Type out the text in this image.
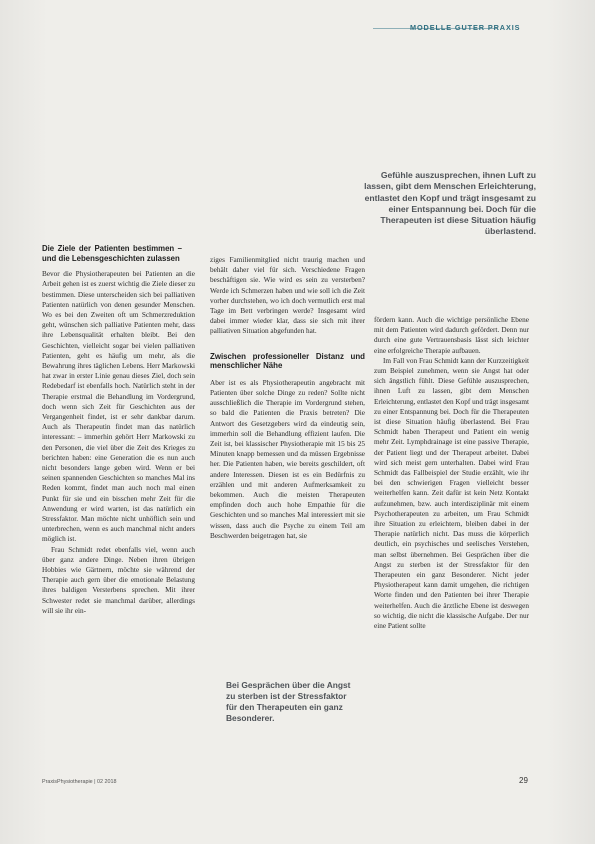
MODELLE GUTER PRAXIS
Gefühle auszusprechen, ihnen Luft zu lassen, gibt dem Menschen Erleichterung, entlastet den Kopf und trägt insgesamt zu einer Entspannung bei. Doch für die Therapeuten ist diese Situation häufig überlastend.

Die Ziele der Patienten bestimmen – und die Lebensgeschichten zulassen

Bevor die Physiotherapeuten bei Patienten an die Arbeit gehen ist es zuerst wichtig die Ziele dieser zu bestimmen. Diese unterscheiden sich bei palliativen Patienten natürlich von denen gesunder Menschen. Wo es bei den Zweiten oft um Schmerzreduktion geht, wünschen sich palliative Patienten mehr, dass ihre Lebensqualität erhalten bleibt. Bei den Geschichten, vielleicht sogar bei vielen palliativen Patienten, geht es häufig um mehr, als die Bewahrung ihres täglichen Lebens. Herr Markowski hat zwar in erster Linie genau dieses Ziel, doch sein Redebedarf ist ebenfalls hoch. Natürlich steht in der Therapie erstmal die Behandlung im Vordergrund, doch wenn sich Zeit für Geschichten aus der Vergangenheit findet, ist er sehr dankbar darum. Auch als Therapeutin findet man das natürlich interessant: – immerhin gehört Herr Markowski zu den Personen, die viel über die Zeit des Krieges zu berichten haben: eine Generation die es nun auch nicht besonders lange geben wird. Wenn er bei seinen spannenden Geschichten so manches Mal ins Reden kommt, findet man auch noch mal einen Punkt für sie und ein bisschen mehr Zeit für die Anwendung er wird warten, ist das natürlich ein Stressfaktor. Man möchte nicht unhöflich sein und unterbrechen, wenn es auch manchmal nicht anders möglich ist.

Frau Schmidt redet ebenfalls viel, wenn auch über ganz andere Dinge. Neben ihren übrigen Hobbies wie Gärtnern, möchte sie während der Therapie auch gern über die emotionale Belastung ihres baldigen Versterbens sprechen. Mit ihrer Schwester redet sie manchmal darüber, allerdings will sie ihr ein-

ziges Familienmitglied nicht traurig machen und behält daher viel für sich. Verschiedene Fragen beschäftigen sie. Wie wird es sein zu versterben? Werde ich Schmerzen haben und wie soll ich die Zeit vorher durchstehen, wo ich doch vermutlich erst mal Tage im Bett verbringen werde? Insgesamt wird dabei immer wieder klar, dass sie sich mit ihrer palliativen Situation abgefunden hat.

Zwischen professioneller Distanz und menschlicher Nähe

Aber ist es als Physiotherapeutin angebracht mit Patienten über solche Dinge zu reden? Sollte nicht ausschließlich die Therapie im Vordergrund stehen, so bald die Patienten die Praxis betreten? Die Antwort des Gesetzgebers wird da eindeutig sein, immerhin soll die Behandlung effizient laufen. Die Zeit ist, bei klassischer Physiotherapie mit 15 bis 25 Minuten knapp bemessen und da müssen Ergebnisse her. Die Patienten haben, wie bereits geschildert, oft andere Interessen. Diesen ist es ein Bedürfnis zu erzählen und mit anderen Aufmerksamkeit zu bekommen. Auch die meisten Therapeuten empfinden doch auch hohe Empathie für die Geschichten und so manches Mal interessiert mit sie wissen, dass auch die Psyche zu einem Teil am Beschwerden beigetragen hat, sie

Bei Gesprächen über die Angst zu sterben ist der Stressfaktor für den Therapeuten ein ganz Besonderer.

fördern kann. Auch die wichtige persönliche Ebene mit dem Patienten wird dadurch gefördert. Denn nur durch eine gute Vertrauensbasis lässt sich leichter eine erfolgreiche Therapie aufbauen.

Im Fall von Frau Schmidt kann der Kurzzeitigkeit zum Beispiel zunehmen, wenn sie Angst hat oder sich ängstlich fühlt. Diese Gefühle auszusprechen, ihnen Luft zu lassen, gibt dem Menschen Erleichterung, entlastet den Kopf und trägt insgesamt zu einer Entspannung bei. Doch für die Therapeuten ist diese Situation häufig überlastend. Bei Frau Schmidt haben Therapeut und Patient ein wenig mehr Zeit. Lymphdrainage ist eine passive Therapie, der Patient liegt und der Therapeut arbeitet. Dabei wird sich meist gern unterhalten. Dabei wird Frau Schmidt das Fallbeispiel der Studie erzählt, wie ihr bei den schwierigen Fragen vielleicht besser weiterhelfen kann. Zeit dafür ist kein Netz Kontakt aufzunehmen, bzw. auch interdisziplinär mit einem Psychotherapeuten zu arbeiten, um Frau Schmidt ihre Situation zu erleichtern, bleiben dabei in der Therapie natürlich nicht. Das muss die körperlich deutlich, ein psychisches und seelisches Verstehen, man selbst übernehmen. Bei Gesprächen über die Angst zu sterben ist der Stressfaktor für den Therapeuten ein ganz Besonderer. Nicht jeder Physiotherapeut kann damit umgehen, die richtigen Worte finden und den Patienten bei ihrer Therapie weiterhelfen. Auch die ärztliche Ebene ist deswegen so wichtig, die nicht die klassische Aufgabe. Der nur eine Patient sollte

PraxisPhysiotherapie | 02 2018	29
